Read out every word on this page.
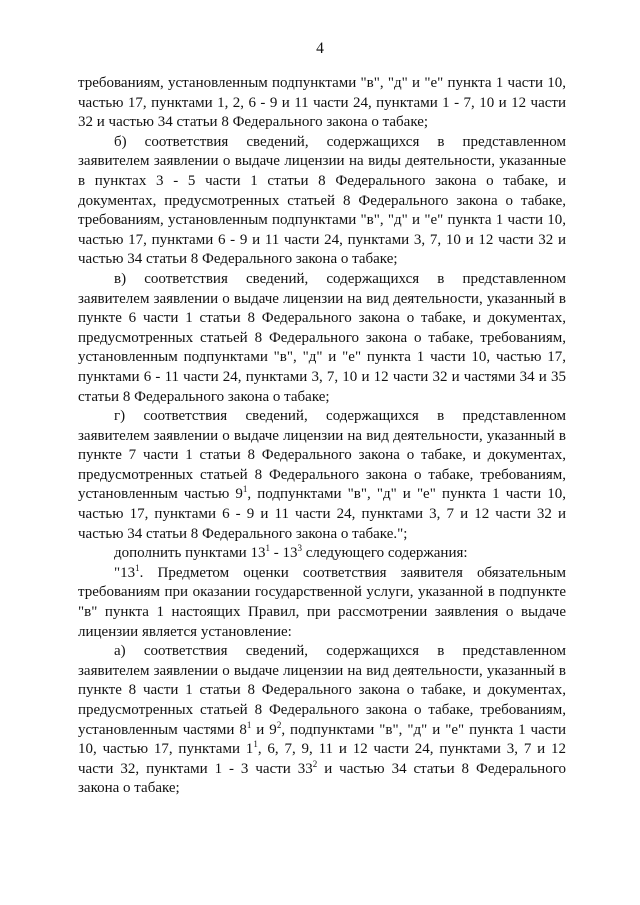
4

требованиям, установленным подпунктами "в", "д" и "е" пункта 1 части 10, частью 17, пунктами 1, 2, 6 - 9 и 11 части 24, пунктами 1 - 7, 10 и 12 части 32 и частью 34 статьи 8 Федерального закона о табаке;

б) соответствия сведений, содержащихся в представленном заявителем заявлении о выдаче лицензии на виды деятельности, указанные в пунктах 3 - 5 части 1 статьи 8 Федерального закона о табаке, и документах, предусмотренных статьей 8 Федерального закона о табаке, требованиям, установленным подпунктами "в", "д" и "е" пункта 1 части 10, частью 17, пунктами 6 - 9 и 11 части 24, пунктами 3, 7, 10 и 12 части 32 и частью 34 статьи 8 Федерального закона о табаке;

в) соответствия сведений, содержащихся в представленном заявителем заявлении о выдаче лицензии на вид деятельности, указанный в пункте 6 части 1 статьи 8 Федерального закона о табаке, и документах, предусмотренных статьей 8 Федерального закона о табаке, требованиям, установленным подпунктами "в", "д" и "е" пункта 1 части 10, частью 17, пунктами 6 - 11 части 24, пунктами 3, 7, 10 и 12 части 32 и частями 34 и 35 статьи 8 Федерального закона о табаке;

г) соответствия сведений, содержащихся в представленном заявителем заявлении о выдаче лицензии на вид деятельности, указанный в пункте 7 части 1 статьи 8 Федерального закона о табаке, и документах, предусмотренных статьей 8 Федерального закона о табаке, требованиям, установленным частью $9^1$, подпунктами "в", "д" и "е" пункта 1 части 10, частью 17, пунктами 6 - 9 и 11 части 24, пунктами 3, 7 и 12 части 32 и частью 34 статьи 8 Федерального закона о табаке.";

дополнить пунктами $13^1 - 13^3$ следующего содержания:

"$13^1$. Предметом оценки соответствия заявителя обязательным требованиям при оказании государственной услуги, указанной в подпункте "в" пункта 1 настоящих Правил, при рассмотрении заявления о выдаче лицензии является установление:

а) соответствия сведений, содержащихся в представленном заявителем заявлении о выдаче лицензии на вид деятельности, указанный в пункте 8 части 1 статьи 8 Федерального закона о табаке, и документах, предусмотренных статьей 8 Федерального закона о табаке, требованиям, установленным частями $8^1$ и $9^2$, подпунктами "в", "д" и "е" пункта 1 части 10, частью 17, пунктами $1^1$, 6, 7, 9, 11 и 12 части 24, пунктами 3, 7 и 12 части 32, пунктами 1 - 3 части $33^2$ и частью 34 статьи 8 Федерального закона о табаке;
